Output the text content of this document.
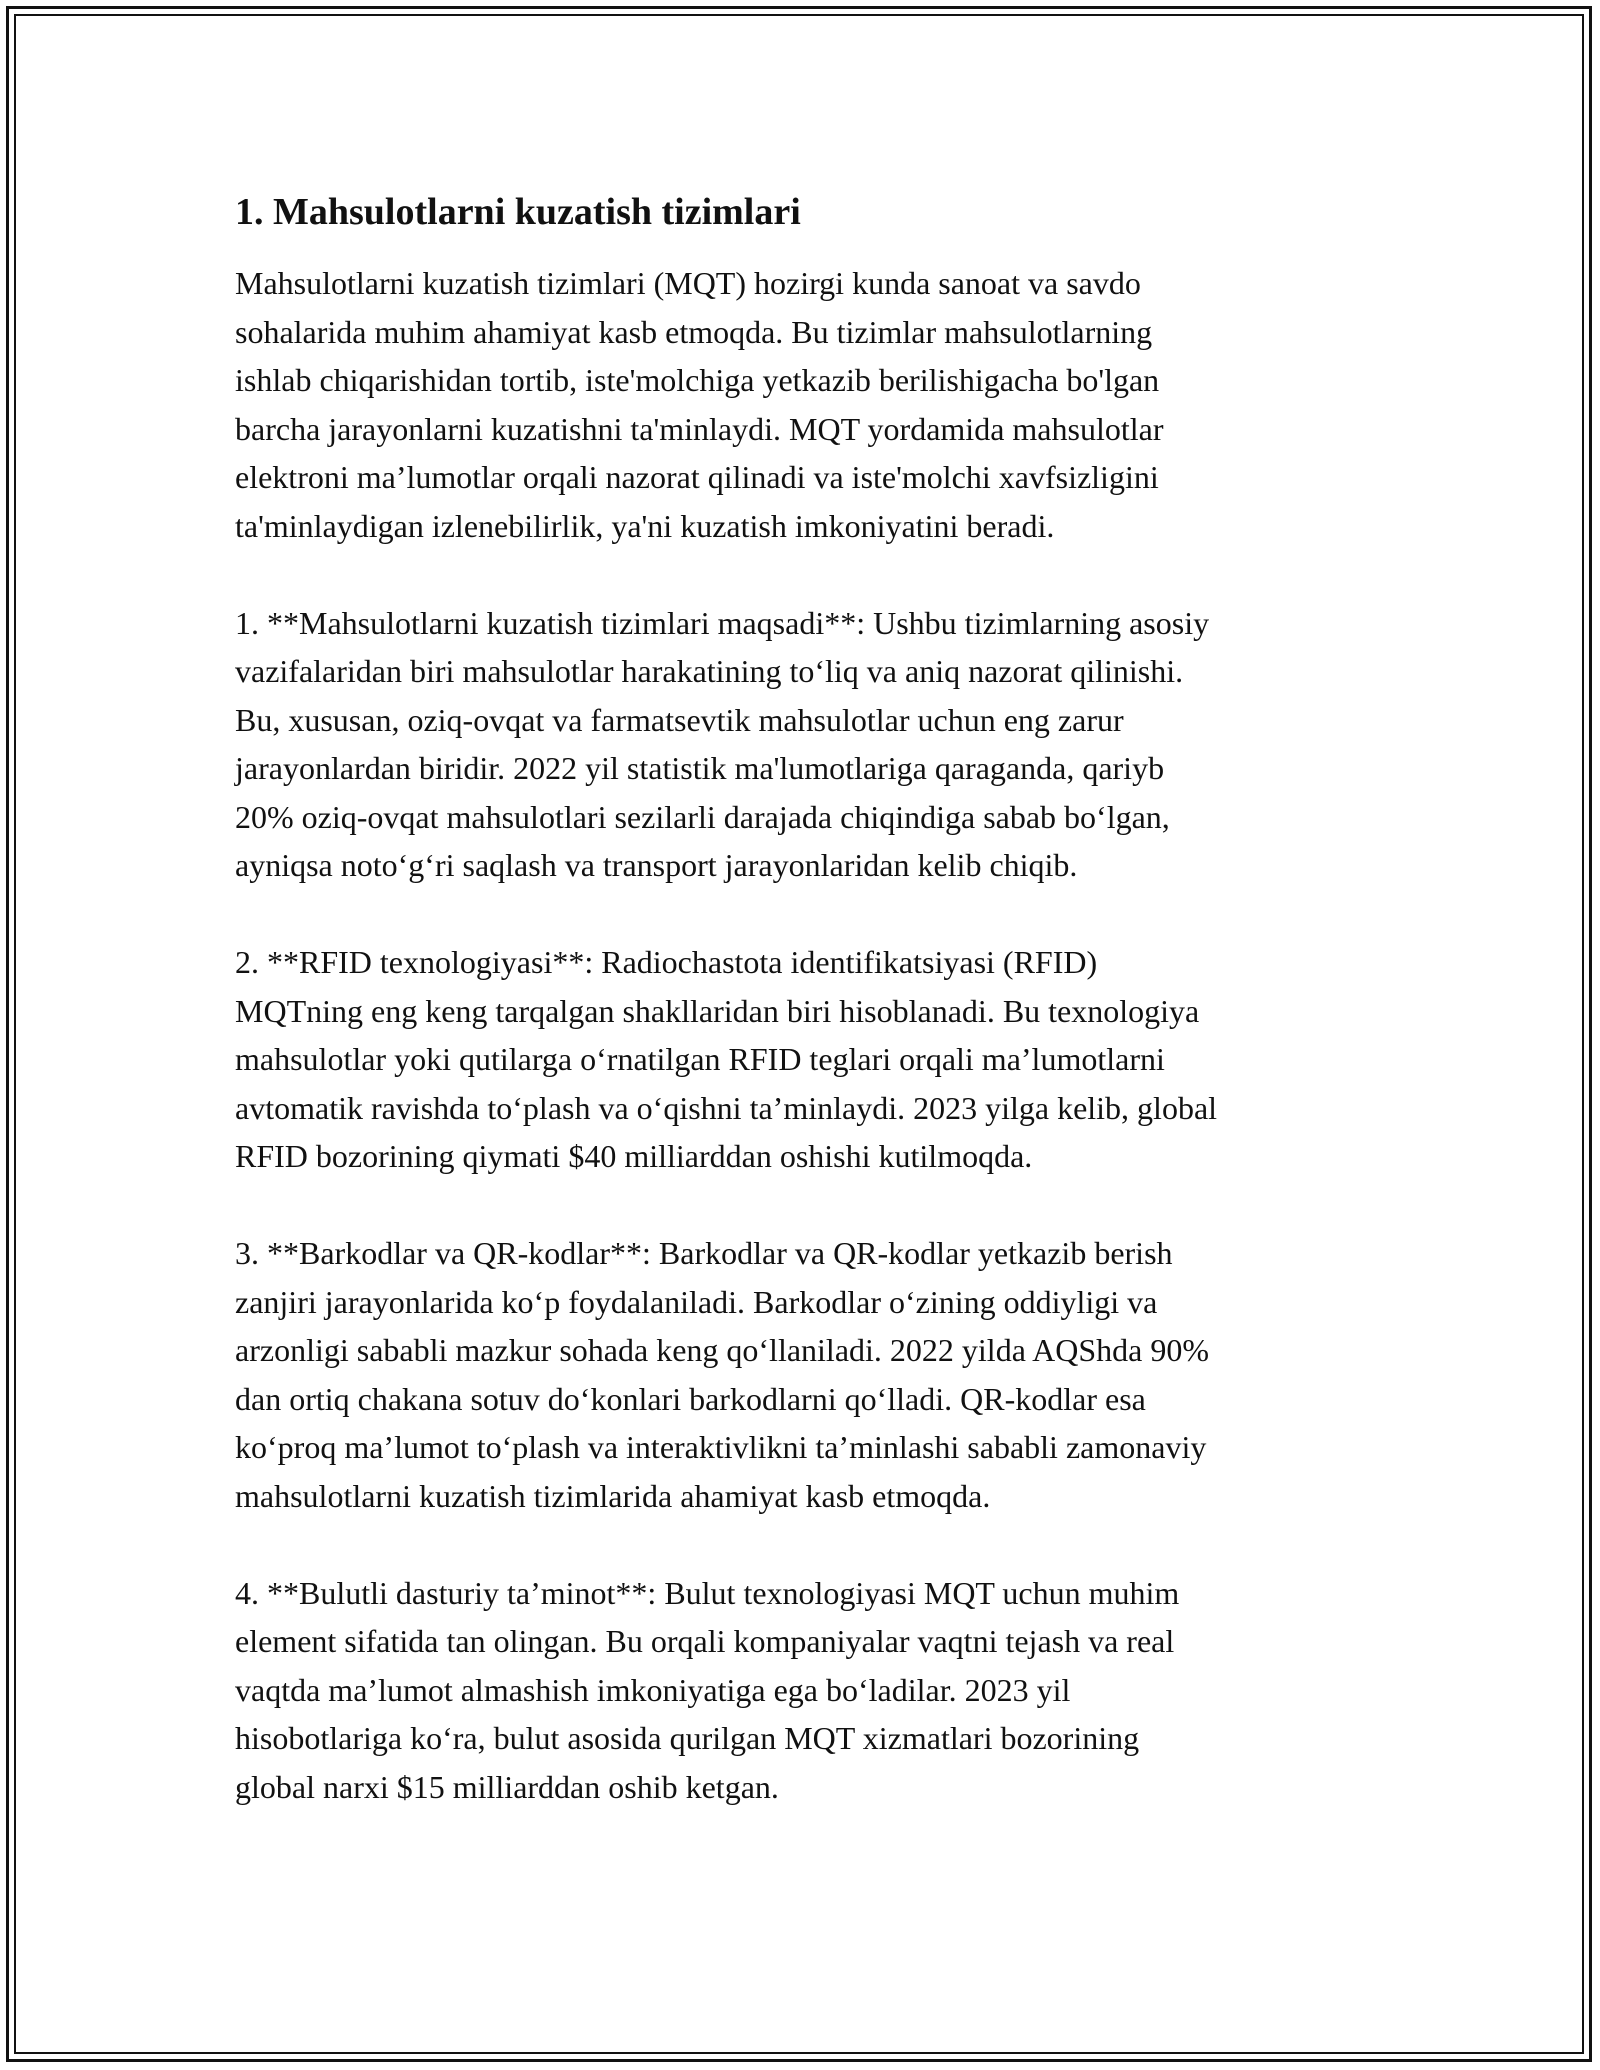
1. Mahsulotlarni kuzatish tizimlari
Mahsulotlarni kuzatish tizimlari (MQT) hozirgi kunda sanoat va savdo
sohalarida muhim ahamiyat kasb etmoqda. Bu tizimlar mahsulotlarning
ishlab chiqarishidan tortib, iste'molchiga yetkazib berilishigacha bo'lgan
barcha jarayonlarni kuzatishni ta'minlaydi. MQT yordamida mahsulotlar
elektroni ma’lumotlar orqali nazorat qilinadi va iste'molchi xavfsizligini
ta'minlaydigan izlenebilirlik, ya'ni kuzatish imkoniyatini beradi.
1. **Mahsulotlarni kuzatish tizimlari maqsadi**: Ushbu tizimlarning asosiy
vazifalaridan biri mahsulotlar harakatining to‘liq va aniq nazorat qilinishi.
Bu, xususan, oziq-ovqat va farmatsevtik mahsulotlar uchun eng zarur
jarayonlardan biridir. 2022 yil statistik ma'lumotlariga qaraganda, qariyb
20% oziq-ovqat mahsulotlari sezilarli darajada chiqindiga sabab bo‘lgan,
ayniqsa noto‘g‘ri saqlash va transport jarayonlaridan kelib chiqib.
2. **RFID texnologiyasi**: Radiochastota identifikatsiyasi (RFID)
MQTning eng keng tarqalgan shakllaridan biri hisoblanadi. Bu texnologiya
mahsulotlar yoki qutilarga o‘rnatilgan RFID teglari orqali ma’lumotlarni
avtomatik ravishda to‘plash va o‘qishni ta’minlaydi. 2023 yilga kelib, global
RFID bozorining qiymati $40 milliarddan oshishi kutilmoqda.
3. **Barkodlar va QR-kodlar**: Barkodlar va QR-kodlar yetkazib berish
zanjiri jarayonlarida ko‘p foydalaniladi. Barkodlar o‘zining oddiyligi va
arzonligi sababli mazkur sohada keng qo‘llaniladi. 2022 yilda AQShda 90%
dan ortiq chakana sotuv do‘konlari barkodlarni qo‘lladi. QR-kodlar esa
ko‘proq ma’lumot to‘plash va interaktivlikni ta’minlashi sababli zamonaviy
mahsulotlarni kuzatish tizimlarida ahamiyat kasb etmoqda.
4. **Bulutli dasturiy ta’minot**: Bulut texnologiyasi MQT uchun muhim
element sifatida tan olingan. Bu orqali kompaniyalar vaqtni tejash va real
vaqtda ma’lumot almashish imkoniyatiga ega bo‘ladilar. 2023 yil
hisobotlariga ko‘ra, bulut asosida qurilgan MQT xizmatlari bozorining
global narxi $15 milliarddan oshib ketgan.
